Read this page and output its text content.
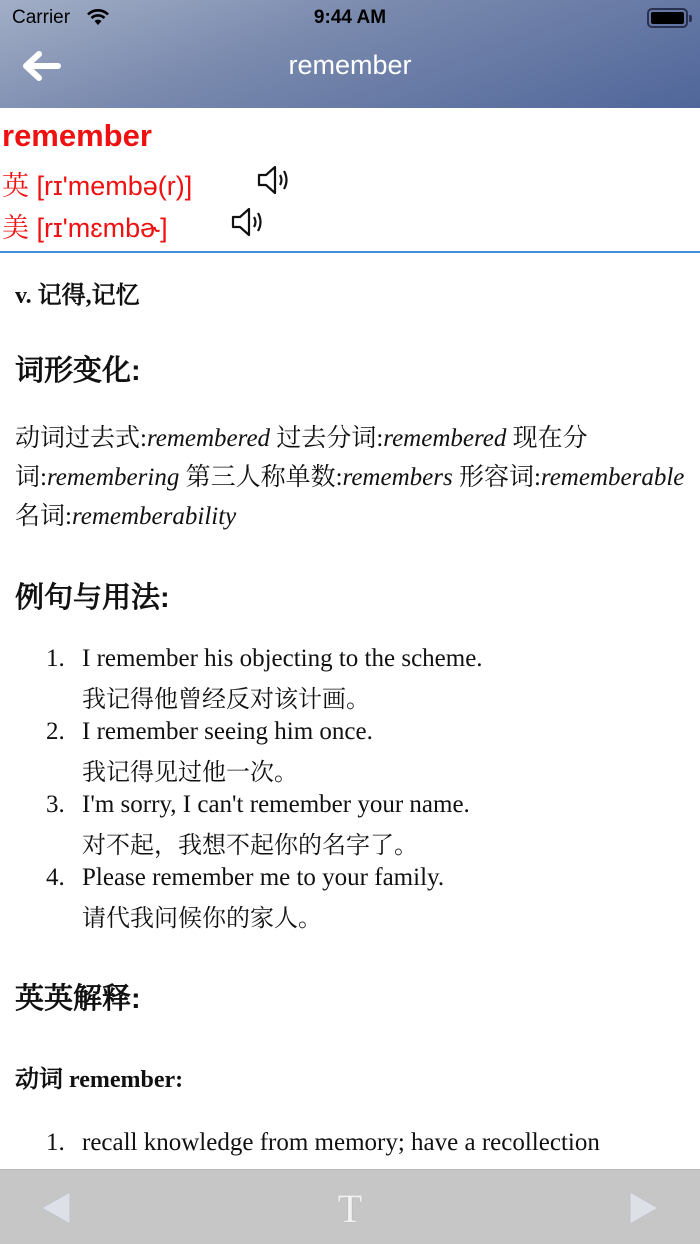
Carrier	9:44 AM
remember
remember
英 [rɪ'membə(r)]
美 [rɪ'mɛmbɚ]
v. 记得,记忆
词形变化:
动词过去式:remembered 过去分词:remembered 现在分词:remembering 第三人称单数:remembers 形容词:rememberable 名词:rememberability
例句与用法:
1. I remember his objecting to the scheme.
我记得他曾经反对该计画。
2. I remember seeing him once.
我记得见过他一次。
3. I'm sorry, I can't remember your name.
对不起，我想不起你的名字了。
4. Please remember me to your family.
请代我问候你的家人。
英英解释:
动词 remember:
1. recall knowledge from memory; have a recollection
T
